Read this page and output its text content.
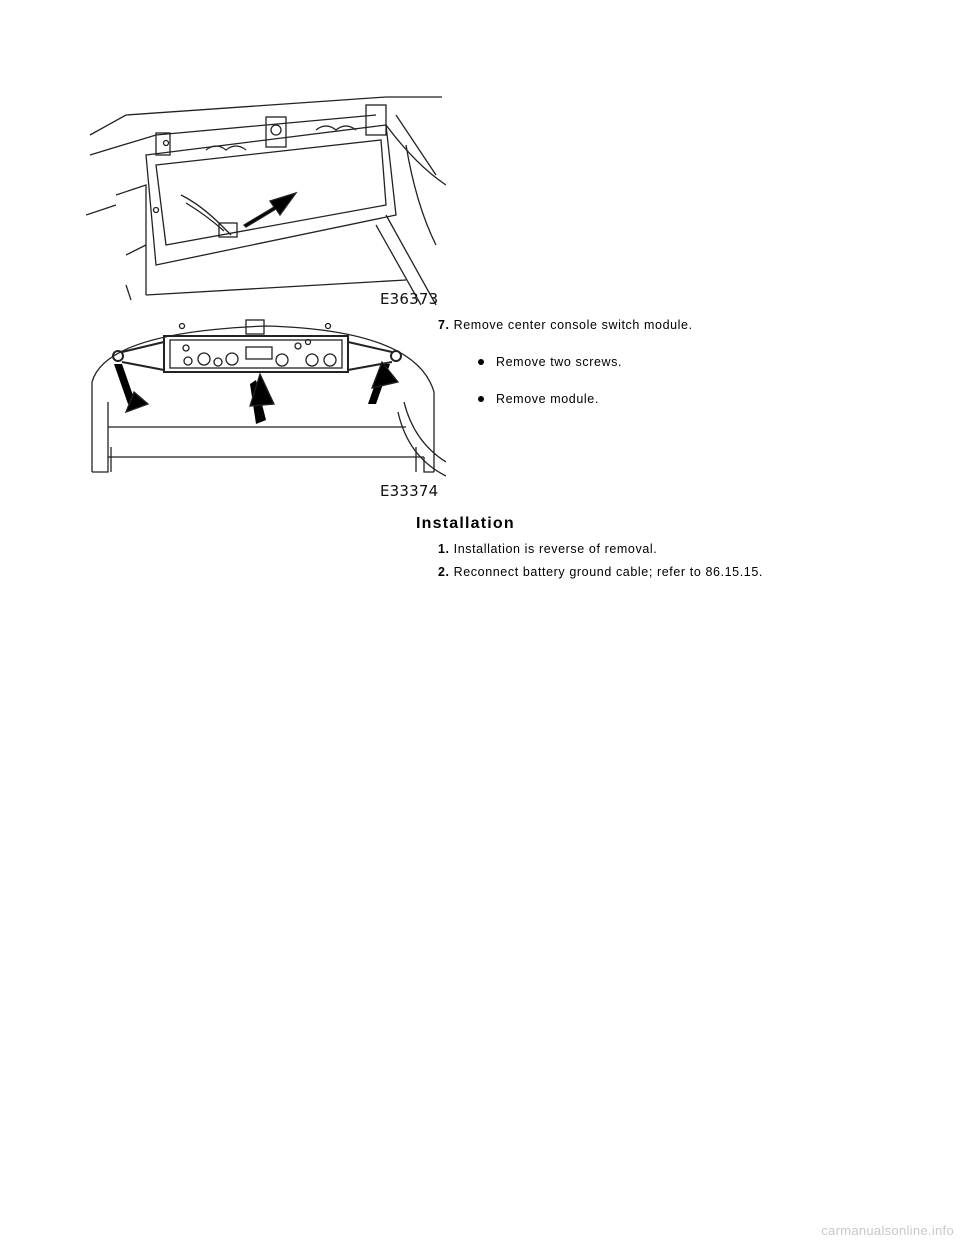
E36373
E33374
7. Remove center console switch module.
Remove two screws.
Remove module.
Installation
1. Installation is reverse of removal.
2. Reconnect battery ground cable; refer to 86.15.15.
carmanualsonline.info
